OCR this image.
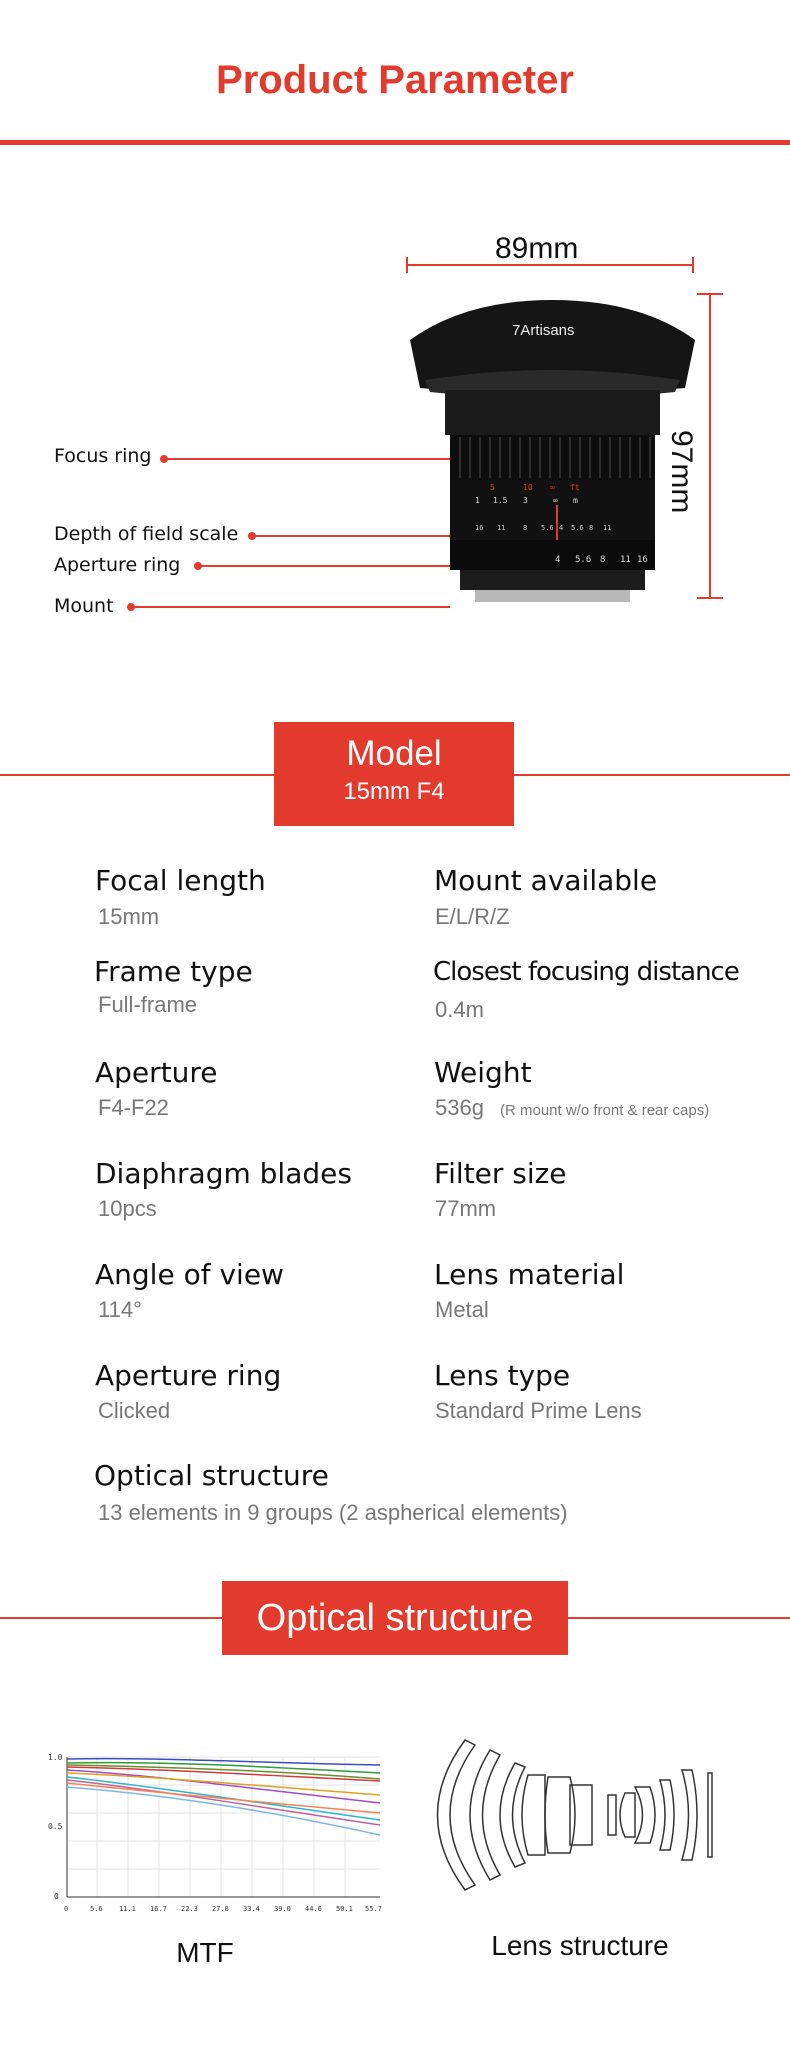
Product Parameter
89mm
97mm
1 1.5 3	∞ m
5	10 ∞ ft
16 11	8 5.6 4 5.6 8 11
4 5.6 8 11 16
7Artisans
Focus ring
Depth of field scale
Aperture ring
Mount
Model
15mm F4
Focal length
15mm
Mount available
E/L/R/Z
Frame type
Full-frame
Closest focusing distance
0.4m
Aperture
F4-F22
Weight
536g (R mount w/o front & rear caps)
Diaphragm blades
10pcs
Filter size
77mm
Angle of view
114°
Lens material
Metal
Aperture ring
Clicked
Lens type
Standard Prime Lens
Optical structure
13 elements in 9 groups (2 aspherical elements)
Optical structure
1.0
0.5
0
0	5.6 11.1 16.7 22.3 27.8 33.4 39.0 44.6 50.1 55.7
MTF	Lens structure
